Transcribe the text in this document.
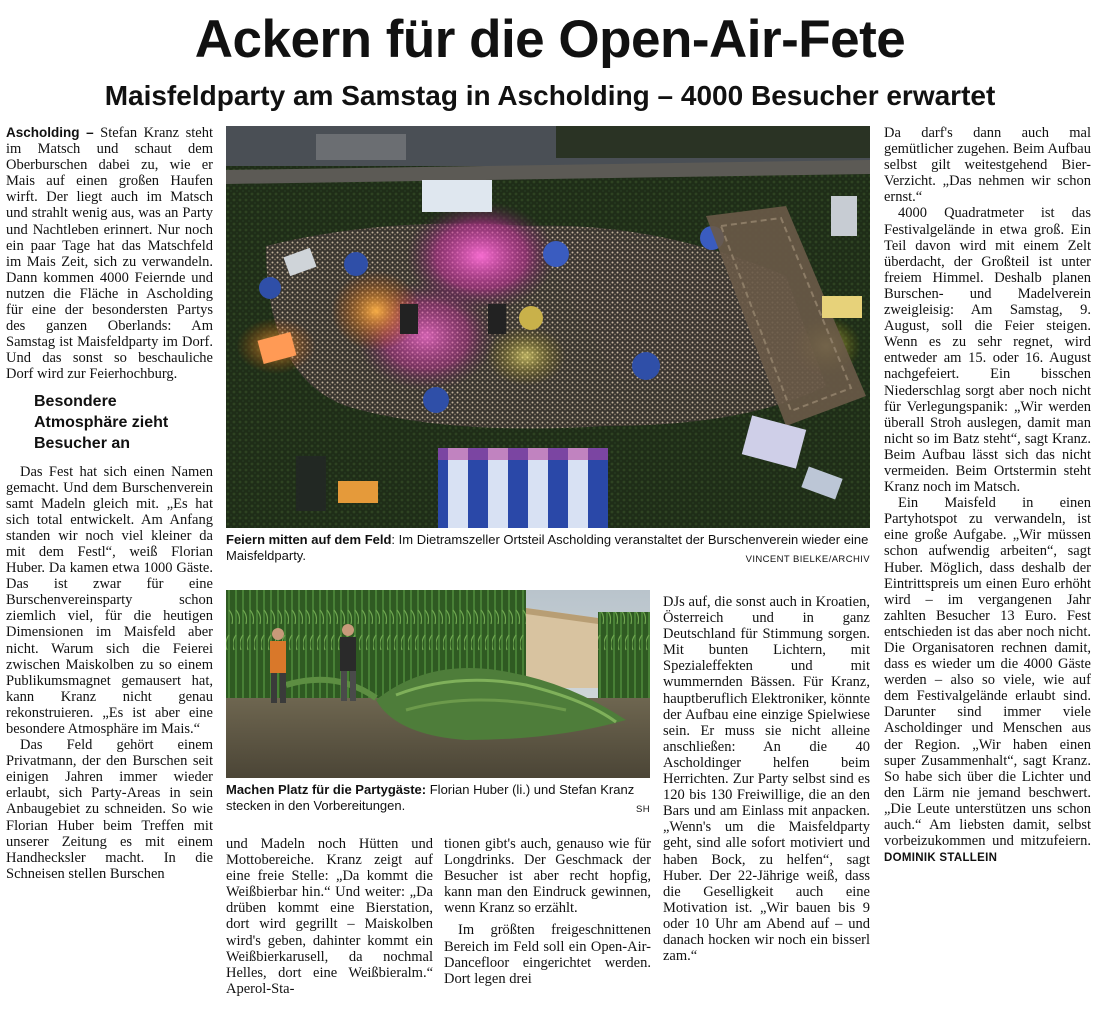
Ackern für die Open-Air-Fete
Maisfeldparty am Samstag in Ascholding – 4000 Besucher erwartet

Ascholding – Stefan Kranz steht im Matsch und schaut dem Oberburschen dabei zu, wie er Mais auf einen großen Haufen wirft. Der liegt auch im Matsch und strahlt wenig aus, was an Party und Nachtleben erinnert. Nur noch ein paar Tage hat das Matschfeld im Mais Zeit, sich zu verwandeln. Dann kommen 4000 Feiernde und nutzen die Fläche in Ascholding für eine der besondersten Partys des ganzen Oberlands: Am Samstag ist Maisfeldparty im Dorf. Und das sonst so beschauliche Dorf wird zur Feierhochburg.

Besondere Atmosphäre zieht Besucher an

Das Fest hat sich einen Namen gemacht. Und dem Burschenverein samt Madeln gleich mit. „Es hat sich total entwickelt. Am Anfang standen wir noch viel kleiner da mit dem Festl“, weiß Florian Huber. Da kamen etwa 1000 Gäste. Das ist zwar für eine Burschenvereinsparty schon ziemlich viel, für die heutigen Dimensionen im Maisfeld aber nicht. Warum sich die Feierei zwischen Maiskolben zu so einem Publikumsmagnet gemausert hat, kann Kranz nicht genau rekonstruieren. „Es ist aber eine besondere Atmosphäre im Mais.“

Das Feld gehört einem Privatmann, der den Burschen seit einigen Jahren immer wieder erlaubt, sich Party-Areas in sein Anbaugebiet zu schneiden. So wie Florian Huber beim Treffen mit unserer Zeitung es mit einem Handhecksler macht. In die Schneisen stellen Burschen

Feiern mitten auf dem Feld: Im Dietramszeller Ortsteil Ascholding veranstaltet der Burschenverein wieder eine Maisfeldparty.	VINCENT BIELKE/ARCHIV
Machen Platz für die Partygäste: Florian Huber (li.) und Stefan Kranz stecken in den Vorbereitungen.	SH

und Madeln noch Hütten und Mottobereiche. Kranz zeigt auf eine freie Stelle: „Da kommt die Weißbierbar hin.“ Und weiter: „Da drüben kommt eine Bierstation, dort wird gegrillt – Maiskolben wird's geben, dahinter kommt ein Weißbierkarusell, da nochmal Helles, dort eine Weißbieralm.“ Aperol-Sta-

tionen gibt's auch, genauso wie für Longdrinks. Der Geschmack der Besucher ist aber recht hopfig, kann man den Eindruck gewinnen, wenn Kranz so erzählt.

Im größten freigeschnittenen Bereich im Feld soll ein Open-Air-Dancefloor eingerichtet werden. Dort legen drei

DJs auf, die sonst auch in Kroatien, Österreich und in ganz Deutschland für Stimmung sorgen. Mit bunten Lichtern, mit Spezialeffekten und mit wummernden Bässen. Für Kranz, hauptberuflich Elektroniker, könnte der Aufbau eine einzige Spielwiese sein. Er muss sie nicht alleine anschließen: An die 40 Ascholdinger helfen beim Herrichten. Zur Party selbst sind es 120 bis 130 Freiwillige, die an den Bars und am Einlass mit anpacken. „Wenn's um die Maisfeldparty geht, sind alle sofort motiviert und haben Bock, zu helfen“, sagt Huber. Der 22-Jährige weiß, dass die Geselligkeit auch eine Motivation ist. „Wir bauen bis 9 oder 10 Uhr am Abend auf – und danach hocken wir noch ein bisserl zam.“

Da darf's dann auch mal gemütlicher zugehen. Beim Aufbau selbst gilt weitestgehend Bier-Verzicht. „Das nehmen wir schon ernst.“

4000 Quadratmeter ist das Festivalgelände in etwa groß. Ein Teil davon wird mit einem Zelt überdacht, der Großteil ist unter freiem Himmel. Deshalb planen Burschen- und Madelverein zweigleisig: Am Samstag, 9. August, soll die Feier steigen. Wenn es zu sehr regnet, wird entweder am 15. oder 16. August nachgefeiert. Ein bisschen Niederschlag sorgt aber noch nicht für Verlegungspanik: „Wir werden überall Stroh auslegen, damit man nicht so im Batz steht“, sagt Kranz. Beim Aufbau lässt sich das nicht vermeiden. Beim Ortstermin steht Kranz noch im Matsch.

Ein Maisfeld in einen Partyhotspot zu verwandeln, ist eine große Aufgabe. „Wir müssen schon aufwendig arbeiten“, sagt Huber. Möglich, dass deshalb der Eintrittspreis um einen Euro erhöht wird – im vergangenen Jahr zahlten Besucher 13 Euro. Fest entschieden ist das aber noch nicht. Die Organisatoren rechnen damit, dass es wieder um die 4000 Gäste werden – also so viele, wie auf dem Festivalgelände erlaubt sind. Darunter sind immer viele Ascholdinger und Menschen aus der Region. „Wir haben einen super Zusammenhalt“, sagt Kranz. So habe sich über die Lichter und den Lärm nie jemand beschwert. „Die Leute unterstützen uns schon auch.“ Am liebsten damit, selbst vorbeizukommen und mitzufeiern. DOMINIK STALLEIN
